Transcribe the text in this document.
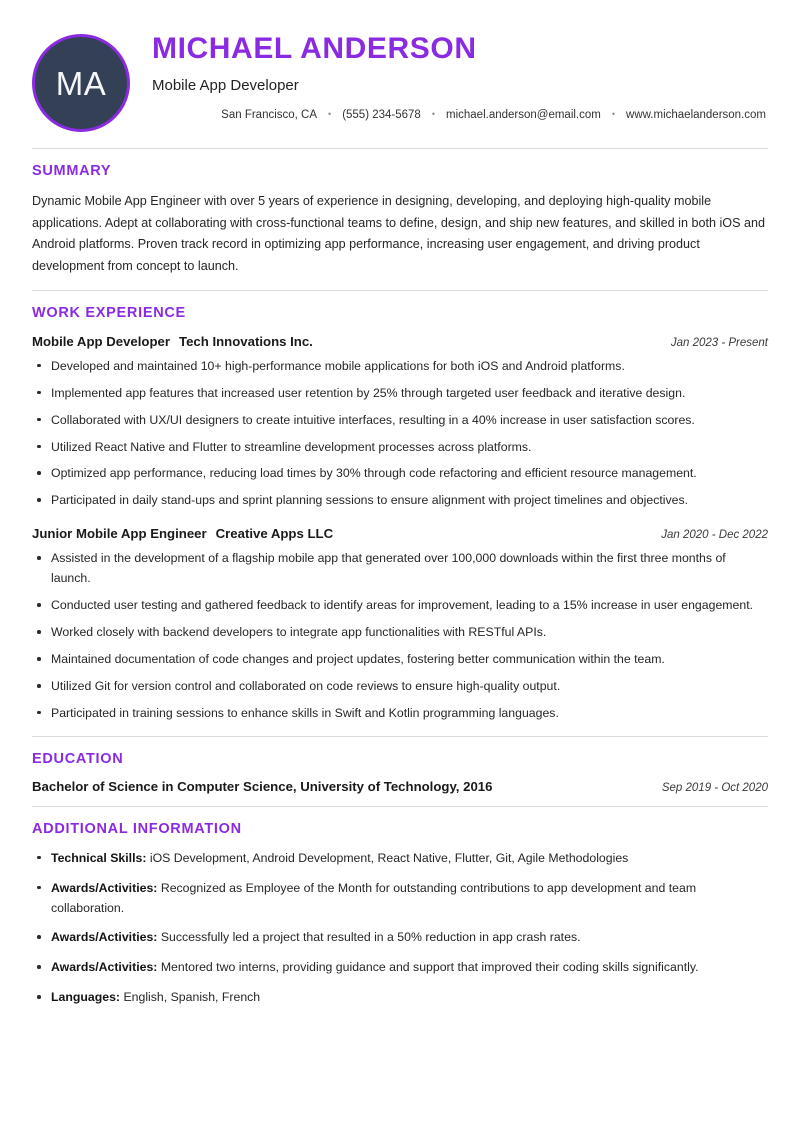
MA
MICHAEL ANDERSON
Mobile App Developer
San Francisco, CA • (555) 234-5678 • michael.anderson@email.com • www.michaelanderson.com
SUMMARY

Dynamic Mobile App Engineer with over 5 years of experience in designing, developing, and deploying high-quality mobile applications. Adept at collaborating with cross-functional teams to define, design, and ship new features, and skilled in both iOS and Android platforms. Proven track record in optimizing app performance, increasing user engagement, and driving product development from concept to launch.

WORK EXPERIENCE
Mobile App Developer Tech Innovations Inc.	Jan 2023 - Present
Developed and maintained 10+ high-performance mobile applications for both iOS and Android platforms.
Implemented app features that increased user retention by 25% through targeted user feedback and iterative design.
Collaborated with UX/UI designers to create intuitive interfaces, resulting in a 40% increase in user satisfaction scores.
Utilized React Native and Flutter to streamline development processes across platforms.
Optimized app performance, reducing load times by 30% through code refactoring and efficient resource management.
Participated in daily stand-ups and sprint planning sessions to ensure alignment with project timelines and objectives.
Junior Mobile App Engineer Creative Apps LLC	Jan 2020 - Dec 2022
Assisted in the development of a flagship mobile app that generated over 100,000 downloads within the first three months of launch.
Conducted user testing and gathered feedback to identify areas for improvement, leading to a 15% increase in user engagement.
Worked closely with backend developers to integrate app functionalities with RESTful APIs.
Maintained documentation of code changes and project updates, fostering better communication within the team.
Utilized Git for version control and collaborated on code reviews to ensure high-quality output.
Participated in training sessions to enhance skills in Swift and Kotlin programming languages.
EDUCATION
Bachelor of Science in Computer Science, University of Technology, 2016	Sep 2019 - Oct 2020
ADDITIONAL INFORMATION
Technical Skills: iOS Development, Android Development, React Native, Flutter, Git, Agile Methodologies
Awards/Activities: Recognized as Employee of the Month for outstanding contributions to app development and team collaboration.
Awards/Activities: Successfully led a project that resulted in a 50% reduction in app crash rates.
Awards/Activities: Mentored two interns, providing guidance and support that improved their coding skills significantly.
Languages: English, Spanish, French
